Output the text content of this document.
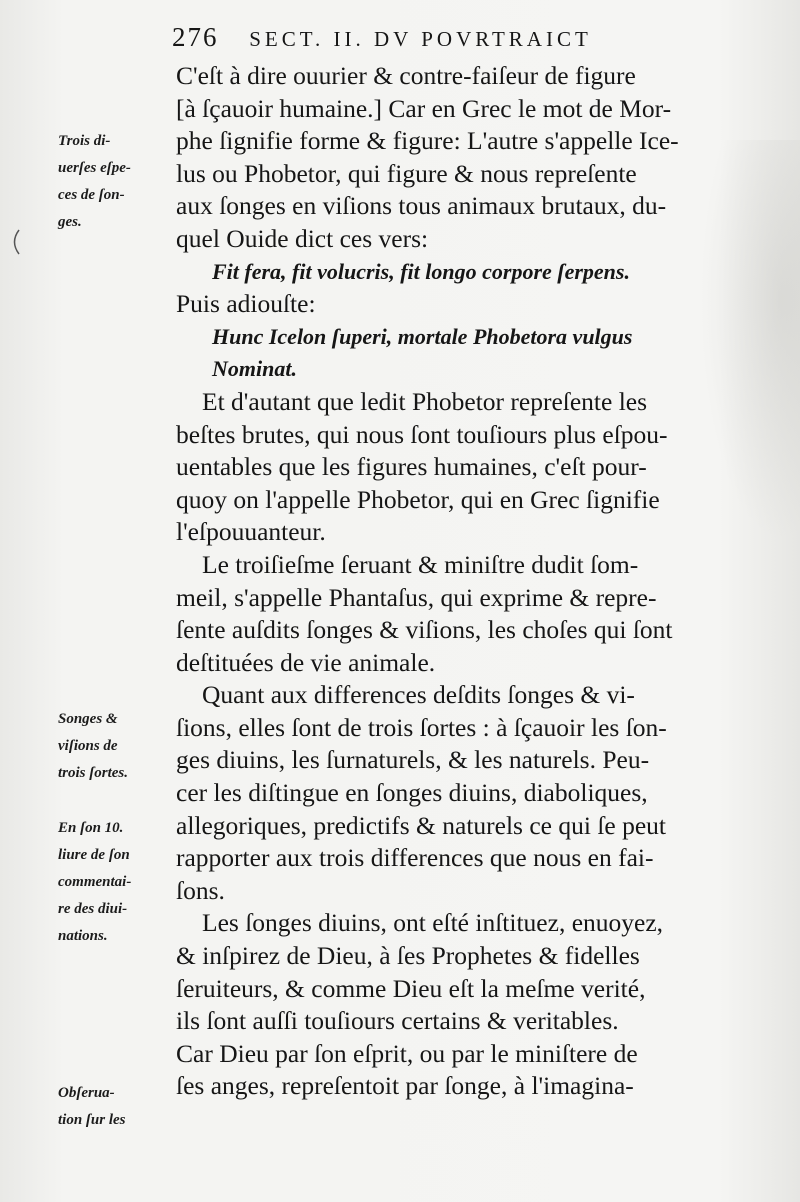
276 SECT. II. DV POVRTRAICT
C'eſt à dire ouurier & contre-faiſeur de figure
[à ſçauoir humaine.] Car en Grec le mot de Mor-
phe ſignifie forme & figure: L'autre s'appelle Ice-
lus ou Phobetor, qui figure & nous repreſente
aux ſonges en viſions tous animaux brutaux, du-
quel Ouide dict ces vers:
Fit fera, fit volucris, fit longo corpore ſerpens.
Puis adiouſte:
Hunc Icelon ſuperi, mortale Phobetora vulgus
Nominat.
Et d'autant que ledit Phobetor repreſente les
beſtes brutes, qui nous ſont touſiours plus eſpou-
uentables que les figures humaines, c'eſt pour-
quoy on l'appelle Phobetor, qui en Grec ſignifie
l'eſpouuanteur.
Le troiſieſme ſeruant & miniſtre dudit ſom-
meil, s'appelle Phantaſus, qui exprime & repre-
ſente auſdits ſonges & viſions, les choſes qui ſont
deſtituées de vie animale.
Quant aux differences deſdits ſonges & vi-
ſions, elles ſont de trois ſortes : à ſçauoir les ſon-
ges diuins, les ſurnaturels, & les naturels. Peu-
cer les diſtingue en ſonges diuins, diaboliques,
allegoriques, predictifs & naturels ce qui ſe peut
rapporter aux trois differences que nous en fai-
ſons.
Les ſonges diuins, ont eſté inſtituez, enuoyez,
& inſpirez de Dieu, à ſes Prophetes & fidelles
ſeruiteurs, & comme Dieu eſt la meſme verité,
ils ſont auſſi touſiours certains & veritables.
Car Dieu par ſon eſprit, ou par le miniſtere de
ſes anges, repreſentoit par ſonge, à l'imagina-
Trois di-
uerſes eſpe-
ces de ſon-
ges.
Songes &
viſions de
trois ſortes.
En ſon 10.
liure de ſon
commentai-
re des diui-
nations.
Obſerua-
tion ſur les
